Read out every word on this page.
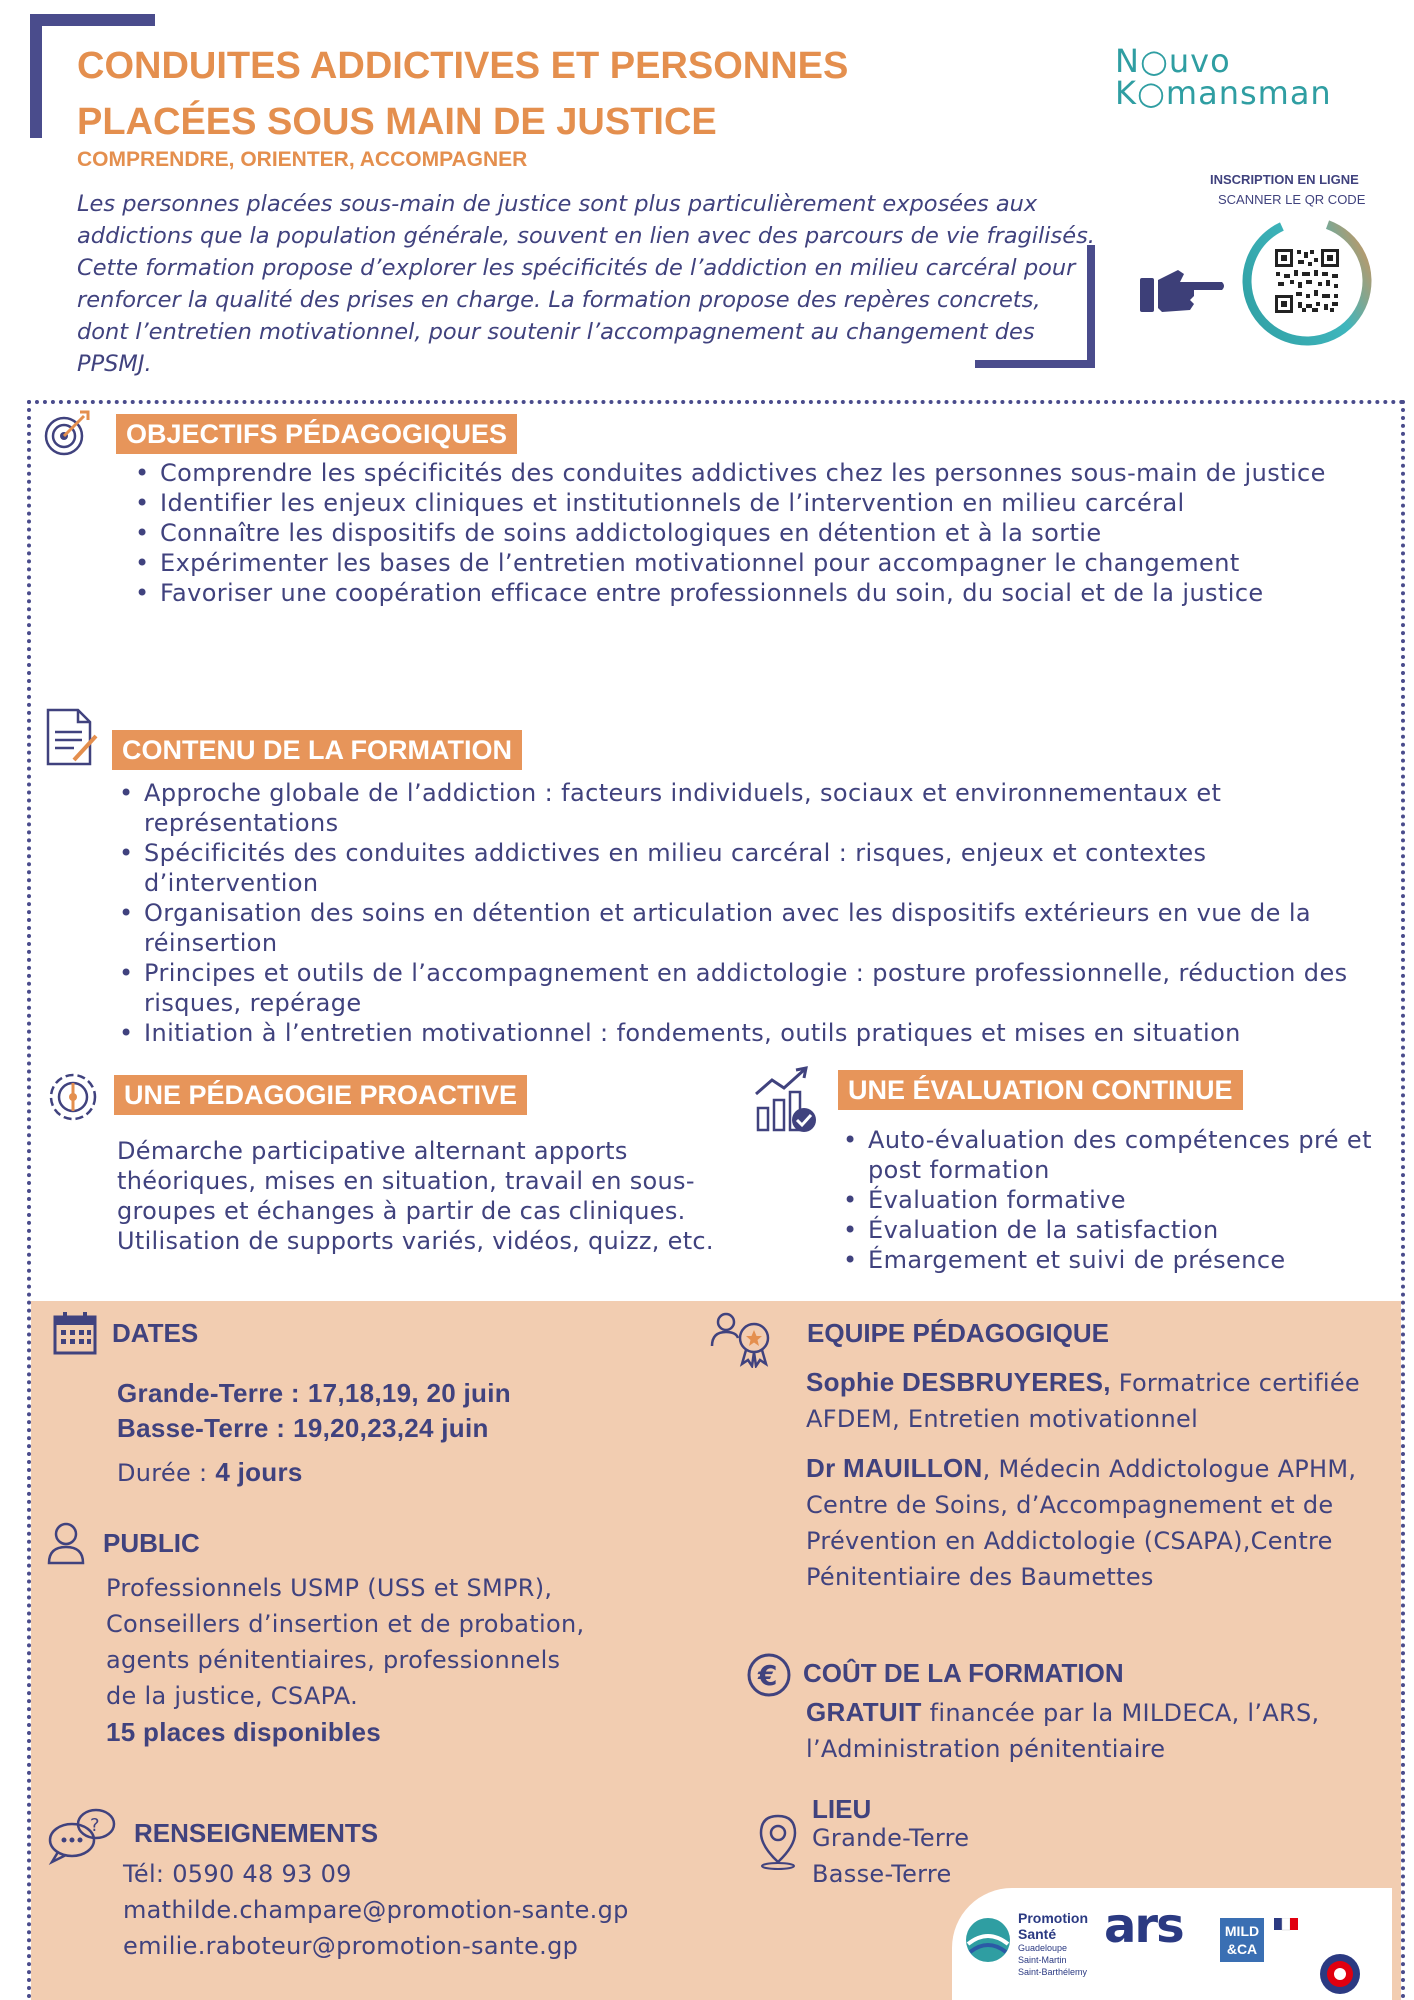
CONDUITES ADDICTIVES ET PERSONNES PLACÉES SOUS MAIN DE JUSTICE
COMPRENDRE, ORIENTER, ACCOMPAGNER

Les personnes placées sous-main de justice sont plus particulièrement exposées aux addictions que la population générale, souvent en lien avec des parcours de vie fragilisés. Cette formation propose d’explorer les spécificités de l’addiction en milieu carcéral pour renforcer la qualité des prises en charge. La formation propose des repères concrets, dont l’entretien motivationnel, pour soutenir l’accompagnement au changement des PPSMJ.

N○uvo
K○mansman
INSCRIPTION EN LIGNE
SCANNER LE QR CODE
OBJECTIFS PÉDAGOGIQUES
• Comprendre les spécificités des conduites addictives chez les personnes sous-main de justice
• Identifier les enjeux cliniques et institutionnels de l’intervention en milieu carcéral
• Connaître les dispositifs de soins addictologiques en détention et à la sortie
• Expérimenter les bases de l’entretien motivationnel pour accompagner le changement
• Favoriser une coopération efficace entre professionnels du soin, du social et de la justice
CONTENU DE LA FORMATION
• Approche globale de l’addiction : facteurs individuels, sociaux et environnementaux et représentations
• Spécificités des conduites addictives en milieu carcéral : risques, enjeux et contextes d’intervention
• Organisation des soins en détention et articulation avec les dispositifs extérieurs en vue de la réinsertion
• Principes et outils de l’accompagnement en addictologie : posture professionnelle, réduction des risques, repérage
• Initiation à l’entretien motivationnel : fondements, outils pratiques et mises en situation
UNE PÉDAGOGIE PROACTIVE

Démarche participative alternant apports théoriques, mises en situation, travail en sous-groupes et échanges à partir de cas cliniques. Utilisation de supports variés, vidéos, quizz, etc.

UNE ÉVALUATION CONTINUE
• Auto-évaluation des compétences pré et post formation
• Évaluation formative
• Évaluation de la satisfaction
• Émargement et suivi de présence
DATES
Grande-Terre : 17,18,19, 20 juin
Basse-Terre : 19,20,23,24 juin
Durée : 4 jours
PUBLIC
Professionnels USMP (USS et SMPR), Conseillers d’insertion et de probation, agents pénitentiaires, professionnels de la justice, CSAPA.
15 places disponibles
? RENSEIGNEMENTS
Tél: 0590 48 93 09
mathilde.champare@promotion-sante.gp
emilie.raboteur@promotion-sante.gp
EQUIPE PÉDAGOGIQUE
Sophie DESBRUYERES, Formatrice certifiée AFDEM, Entretien motivationnel
Dr MAUILLON, Médecin Addictologue APHM, Centre de Soins, d’Accompagnement et de Prévention en Addictologie (CSAPA),Centre Pénitentiaire des Baumettes
€ COÛT DE LA FORMATION
GRATUIT financée par la MILDECA, l’ARS, l’Administration pénitentiaire
LIEU
Grande-Terre
Basse-Terre
Promotion
Santé
Guadeloupe
Saint-Martin
Saint-Barthélemy
ars	MILD
&CA
